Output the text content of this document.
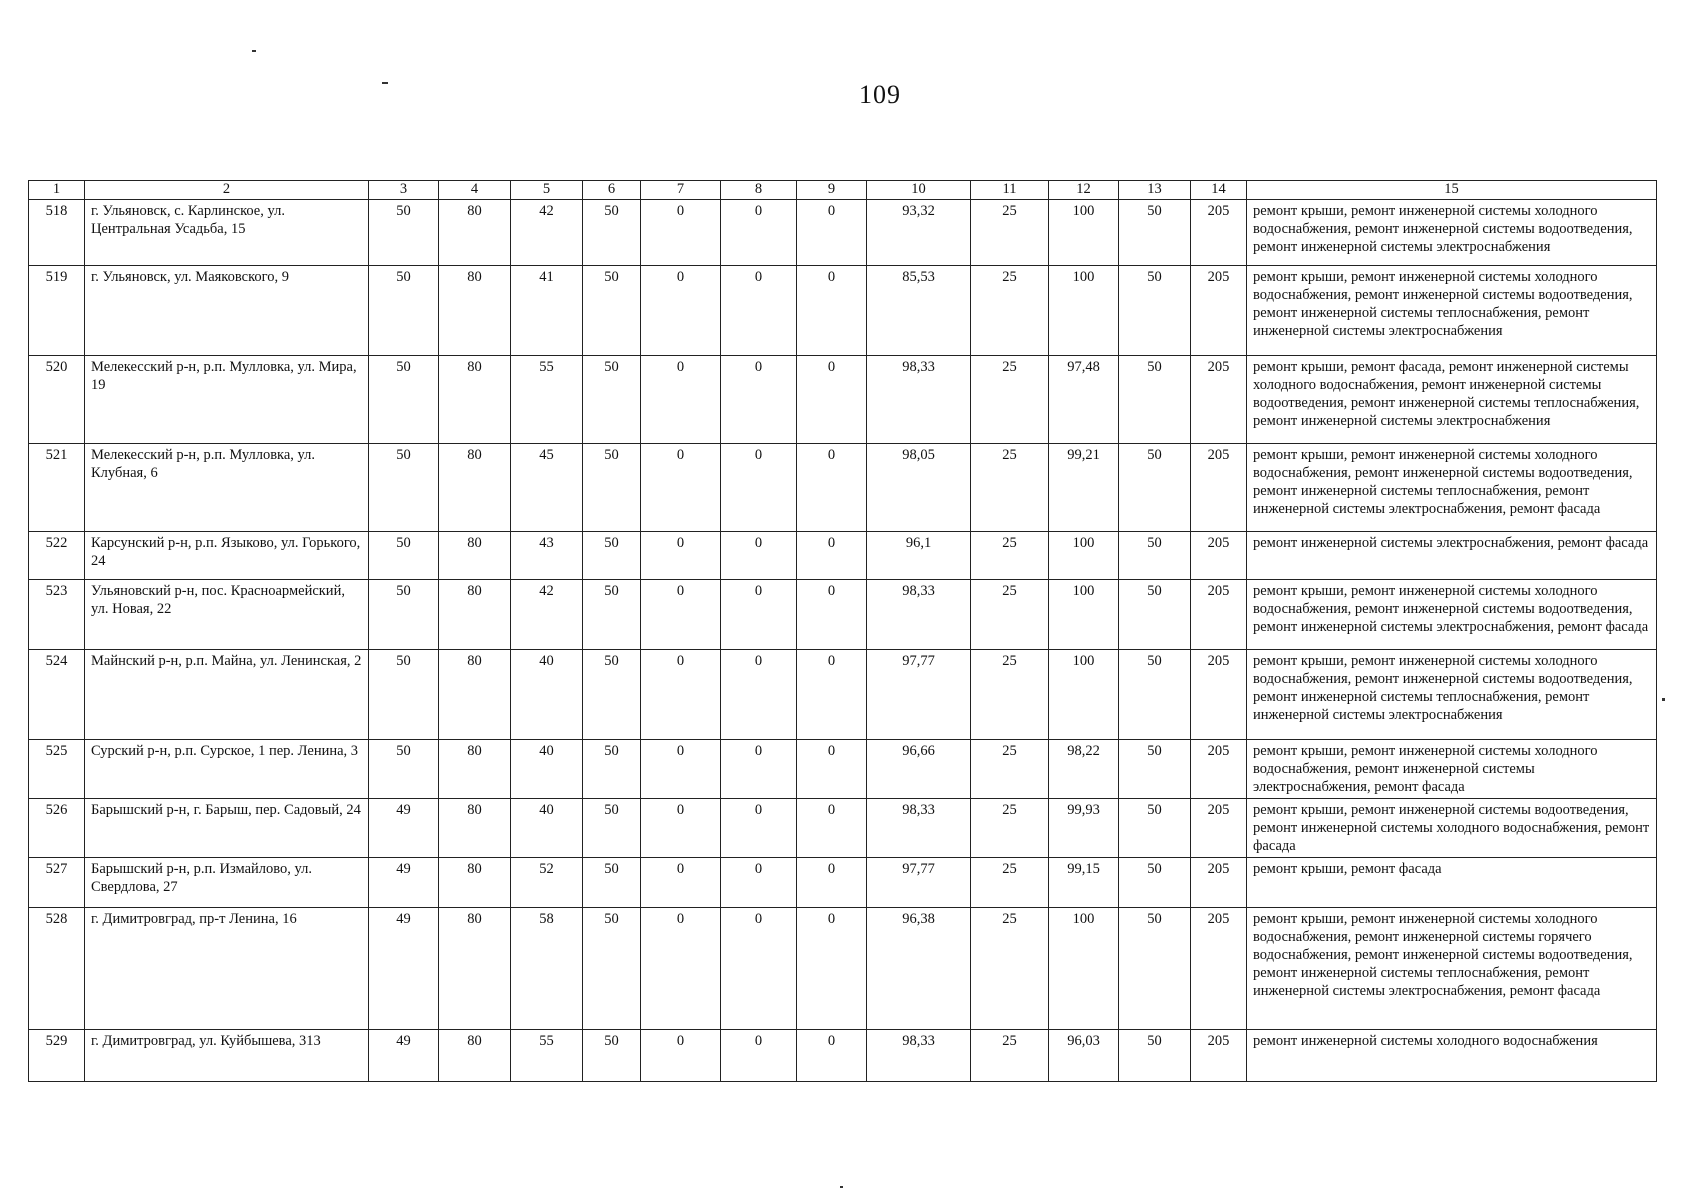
109
1	2	3	4	5	6	7	8	9	10	11	12	13	14	15
518	г. Ульяновск, с. Карлинское, ул. Центральная Усадьба, 15	50	80	42	50	0	0	0	93,32	25	100	50	205	ремонт крыши, ремонт инженерной системы холодного водоснабжения, ремонт инженерной системы водоотведения, ремонт инженерной системы электроснабжения
519	г. Ульяновск, ул. Маяковского, 9	50	80	41	50	0	0	0	85,53	25	100	50	205	ремонт крыши, ремонт инженерной системы холодного водоснабжения, ремонт инженерной системы водоотведения, ремонт инженерной системы теплоснабжения, ремонт инженерной системы электроснабжения
520	Мелекесский р-н, р.п. Мулловка, ул. Мира, 19	50	80	55	50	0	0	0	98,33	25	97,48	50	205	ремонт крыши, ремонт фасада, ремонт инженерной системы холодного водоснабжения, ремонт инженерной системы водоотведения, ремонт инженерной системы теплоснабжения, ремонт инженерной системы электроснабжения
521	Мелекесский р-н, р.п. Мулловка, ул. Клубная, 6	50	80	45	50	0	0	0	98,05	25	99,21	50	205	ремонт крыши, ремонт инженерной системы холодного водоснабжения, ремонт инженерной системы водоотведения, ремонт инженерной системы теплоснабжения, ремонт инженерной системы электроснабжения, ремонт фасада
522	Карсунский р-н, р.п. Языково, ул. Горького, 24	50	80	43	50	0	0	0	96,1	25	100	50	205	ремонт инженерной системы электроснабжения, ремонт фасада
523	Ульяновский р-н, пос. Красноармейский, ул. Новая, 22	50	80	42	50	0	0	0	98,33	25	100	50	205	ремонт крыши, ремонт инженерной системы холодного водоснабжения, ремонт инженерной системы водоотведения, ремонт инженерной системы электроснабжения, ремонт фасада
524	Майнский р-н, р.п. Майна, ул. Ленинская, 2	50	80	40	50	0	0	0	97,77	25	100	50	205	ремонт крыши, ремонт инженерной системы холодного водоснабжения, ремонт инженерной системы водоотведения, ремонт инженерной системы теплоснабжения, ремонт инженерной системы электроснабжения
525	Сурский р-н, р.п. Сурское, 1 пер. Ленина, 3	50	80	40	50	0	0	0	96,66	25	98,22	50	205	ремонт крыши, ремонт инженерной системы холодного водоснабжения, ремонт инженерной системы электроснабжения, ремонт фасада
526	Барышский р-н, г. Барыш, пер. Садовый, 24	49	80	40	50	0	0	0	98,33	25	99,93	50	205	ремонт крыши, ремонт инженерной системы водоотведения, ремонт инженерной системы холодного водоснабжения, ремонт фасада
527	Барышский р-н, р.п. Измайлово, ул. Свердлова, 27	49	80	52	50	0	0	0	97,77	25	99,15	50	205	ремонт крыши, ремонт фасада
528	г. Димитровград, пр-т Ленина, 16	49	80	58	50	0	0	0	96,38	25	100	50	205	ремонт крыши, ремонт инженерной системы холодного водоснабжения, ремонт инженерной системы горячего водоснабжения, ремонт инженерной системы водоотведения, ремонт инженерной системы теплоснабжения, ремонт инженерной системы электроснабжения, ремонт фасада
529	г. Димитровград, ул. Куйбышева, 313	49	80	55	50	0	0	0	98,33	25	96,03	50	205	ремонт инженерной системы холодного водоснабжения
